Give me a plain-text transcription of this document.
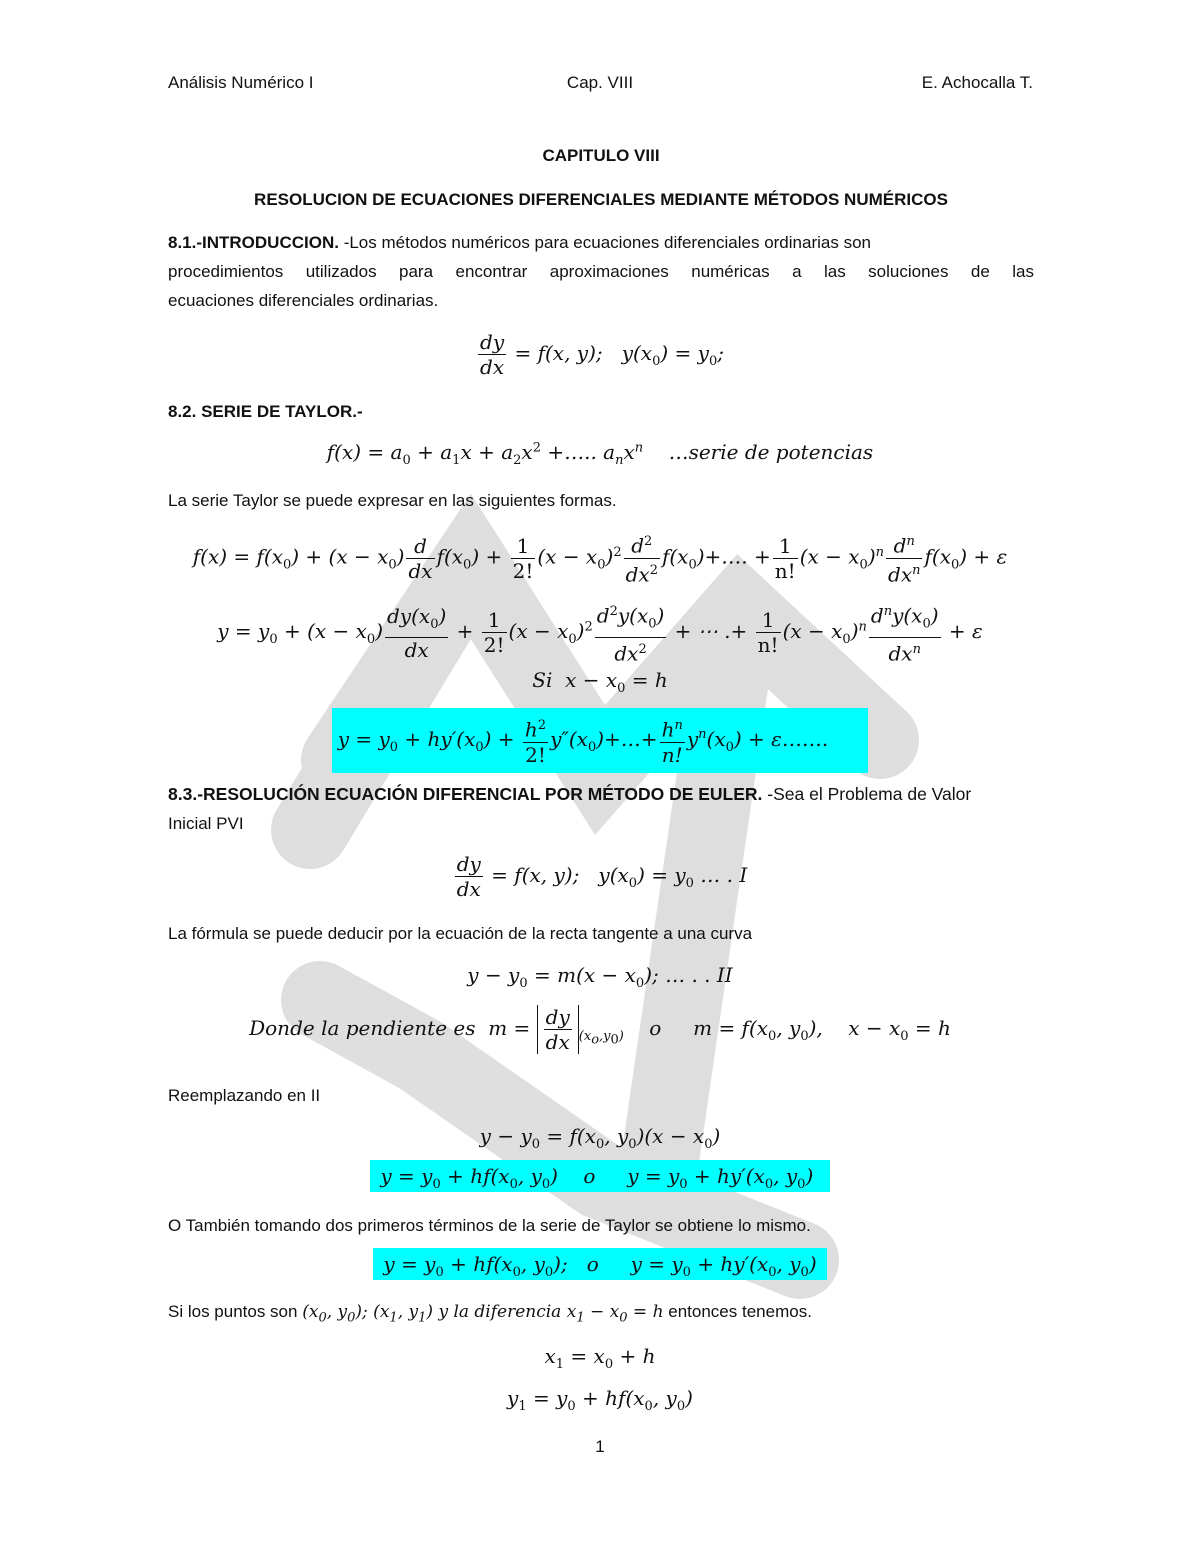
Análisis Numérico I	Cap. VIII	E. Achocalla T.
CAPITULO VIII
RESOLUCION DE ECUACIONES DIFERENCIALES MEDIANTE MÉTODOS NUMÉRICOS
8.1.-INTRODUCCION. -Los métodos numéricos para ecuaciones diferenciales ordinarias son
procedimientos utilizados para encontrar aproximaciones numéricas a las soluciones de las
ecuaciones diferenciales ordinarias.
$\frac{dy}{dx} = f(x$, y);   $y(x_0) = y_0$;
8.2. SERIE DE TAYLOR.-
$f(x) = a_0 + a_1x + a_2x^2$ +….. $a_nx^n$ …serie de potencias
La serie Taylor se puede expresar en las siguientes formas.
$f(x) = f(x_0) + (x - x_0) \frac{d}{dx} f(x_0) + \frac{1}{2!} (x - x_0)^2 \frac{d^2}{dx^2}$ $f(x_0)+\dots$. + $\frac{1}{n!} (x - x_0)^n \frac{d^n}{dx^n} f(x_0) + \varepsilon$
$y = y_0 + (x - x_0) \frac{dy(x_0)}{dx} + \frac{1}{2!} (x - x_0)^2 \frac{d^2y(x_0)}{dx^2}$ + ⋯ .+ $\frac{1}{n!} (x - x_0)^n \frac{d^ny(x_0)}{dx^n} + \varepsilon$
Si  $x - x_0 = h$
$y = y_0 + hy'(x_0) + \frac{h^2}{2!}$ $y''(x_0)+\dots+ \frac{h^n}{n!} y^n(x_0)$ + ε…….
8.3.-RESOLUCIÓN ECUACIÓN DIFERENCIAL POR MÉTODO DE EULER. -Sea el Problema de Valor
Inicial PVI
$\frac{dy}{dx} = f(x$, y);   $y(x_0) = y_0$ … . I
La fórmula se puede deducir por la ecuación de la recta tangente a una curva
$y - y_0 = m(x - x_0)$; … . . II
Donde la pendiente es  $m = \frac{dy}{dx} _{(x_o,y_0)}$    o     $m = f(x_0$, $y_0$),    $x - x_0 = h$
Reemplazando en II
$y - y_0 = f(x_0$, $y_0)(x - x_0)$
$y = y_0 + hf(x_0$, $y_0$)    o     $y = y_0 + hy'(x_0$, $y_0$)
O También tomando dos primeros términos de la serie de Taylor se obtiene lo mismo.
$y = y_0 + hf(x_0$, $y_0$);   o     $y = y_0 + hy'(x_0$, $y_0$)
Si los puntos son ($x_0$, $y_0$); ($x_1$, $y_1$) y la diferencia $x_1 - x_0 = h$ entonces tenemos.
$x_1 = x_0 + h$
$y_1 = y_0 + hf(x_0$, $y_0$)
1
